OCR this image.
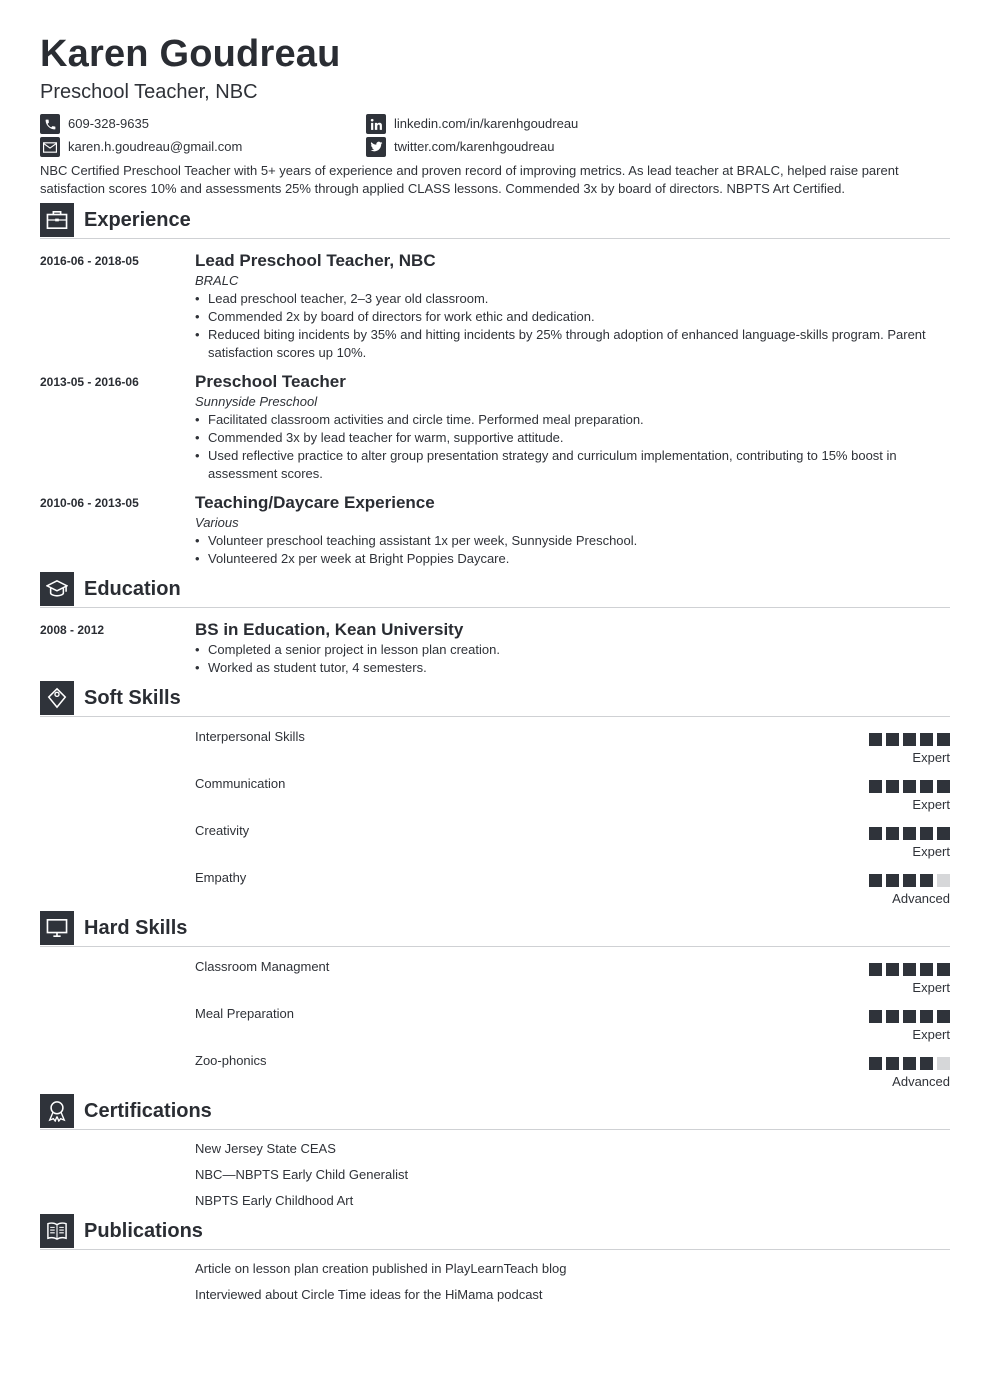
Karen Goudreau
Preschool Teacher, NBC
609-328-9635
karen.h.goudreau@gmail.com
linkedin.com/in/karenhgoudreau
twitter.com/karenhgoudreau
NBC Certified Preschool Teacher with 5+ years of experience and proven record of improving metrics. As lead teacher at BRALC, helped raise parent satisfaction scores 10% and assessments 25% through applied CLASS lessons. Commended 3x by board of directors. NBPTS Art Certified.
Experience
2016-06 - 2018-05	Lead Preschool Teacher, NBC
BRALC
• Lead preschool teacher, 2–3 year old classroom.
• Commended 2x by board of directors for work ethic and dedication.
• Reduced biting incidents by 35% and hitting incidents by 25% through adoption of enhanced language-skills program. Parent satisfaction scores up 10%.
2013-05 - 2016-06	Preschool Teacher
Sunnyside Preschool
• Facilitated classroom activities and circle time. Performed meal preparation.
• Commended 3x by lead teacher for warm, supportive attitude.
• Used reflective practice to alter group presentation strategy and curriculum implementation, contributing to 15% boost in assessment scores.
2010-06 - 2013-05	Teaching/Daycare Experience
Various
• Volunteer preschool teaching assistant 1x per week, Sunnyside Preschool.
• Volunteered 2x per week at Bright Poppies Daycare.
Education
2008 - 2012	BS in Education, Kean University
• Completed a senior project in lesson plan creation.
• Worked as student tutor, 4 semesters.
Soft Skills
Interpersonal Skills
Expert
Communication
Expert
Creativity
Expert
Empathy
Advanced
Hard Skills
Classroom Managment
Expert
Meal Preparation
Expert
Zoo-phonics
Advanced
Certifications
New Jersey State CEAS
NBC—NBPTS Early Child Generalist
NBPTS Early Childhood Art
Publications
Article on lesson plan creation published in PlayLearnTeach blog
Interviewed about Circle Time ideas for the HiMama podcast
